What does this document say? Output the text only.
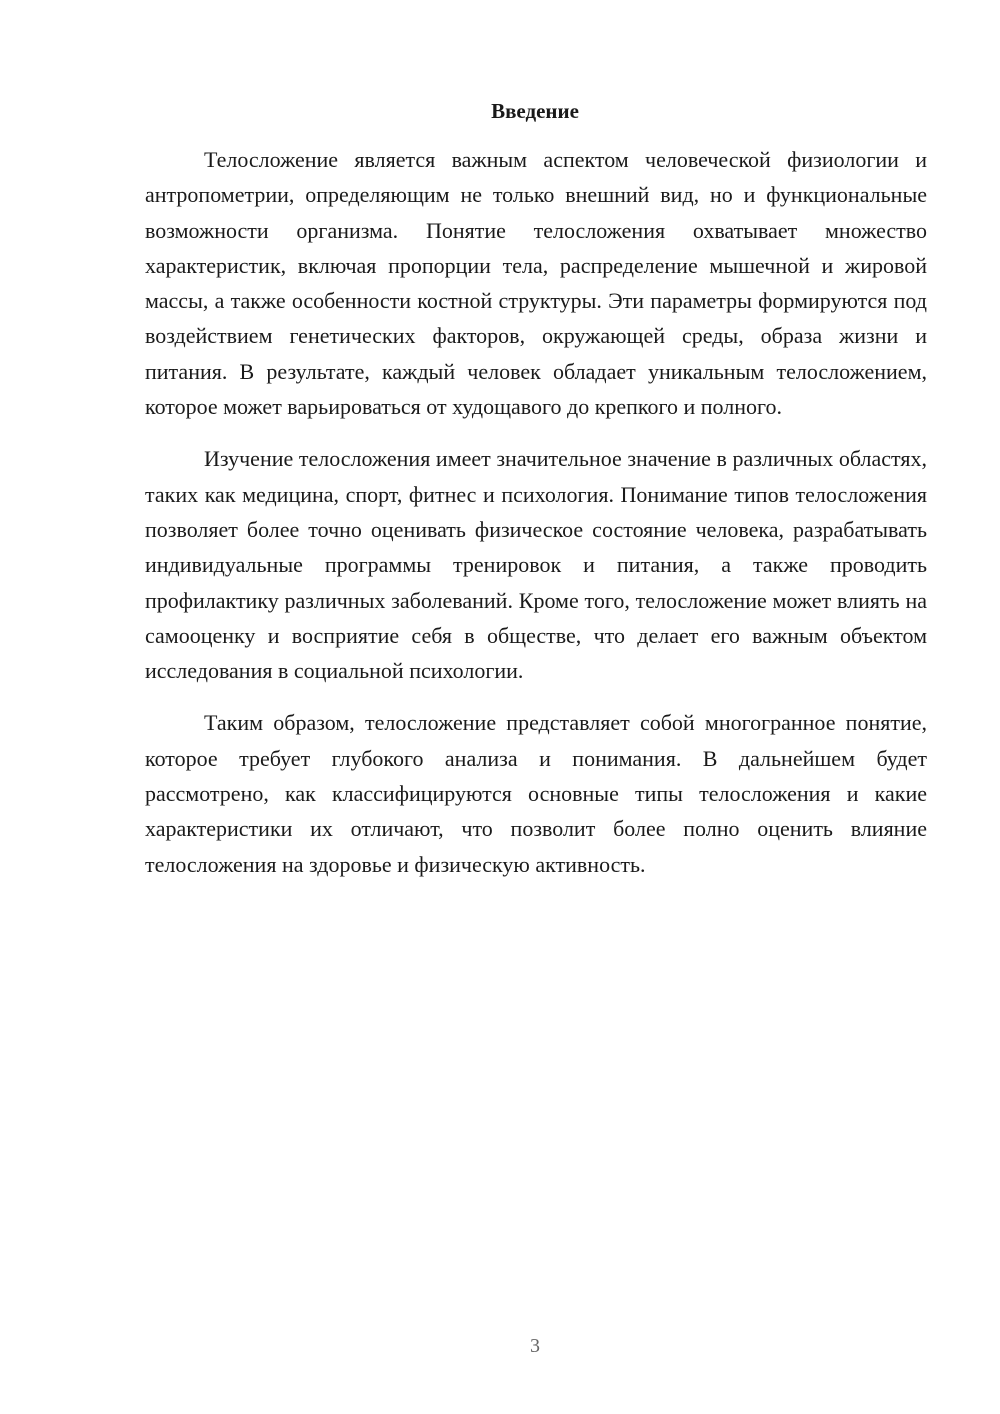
Введение

Телосложение является важным аспектом человеческой физиологии и антропометрии, определяющим не только внешний вид, но и функциональные возможности организма. Понятие телосложения охватывает множество характеристик, включая пропорции тела, распределение мышечной и жировой массы, а также особенности костной структуры. Эти параметры формируются под воздействием генетических факторов, окружающей среды, образа жизни и питания. В результате, каждый человек обладает уникальным телосложением, которое может варьироваться от худощавого до крепкого и полного.

Изучение телосложения имеет значительное значение в различных областях, таких как медицина, спорт, фитнес и психология. Понимание типов телосложения позволяет более точно оценивать физическое состояние человека, разрабатывать индивидуальные программы тренировок и питания, а также проводить профилактику различных заболеваний. Кроме того, телосложение может влиять на самооценку и восприятие себя в обществе, что делает его важным объектом исследования в социальной психологии.

Таким образом, телосложение представляет собой многогранное понятие, которое требует глубокого анализа и понимания. В дальнейшем будет рассмотрено, как классифицируются основные типы телосложения и какие характеристики их отличают, что позволит более полно оценить влияние телосложения на здоровье и физическую активность.

3
